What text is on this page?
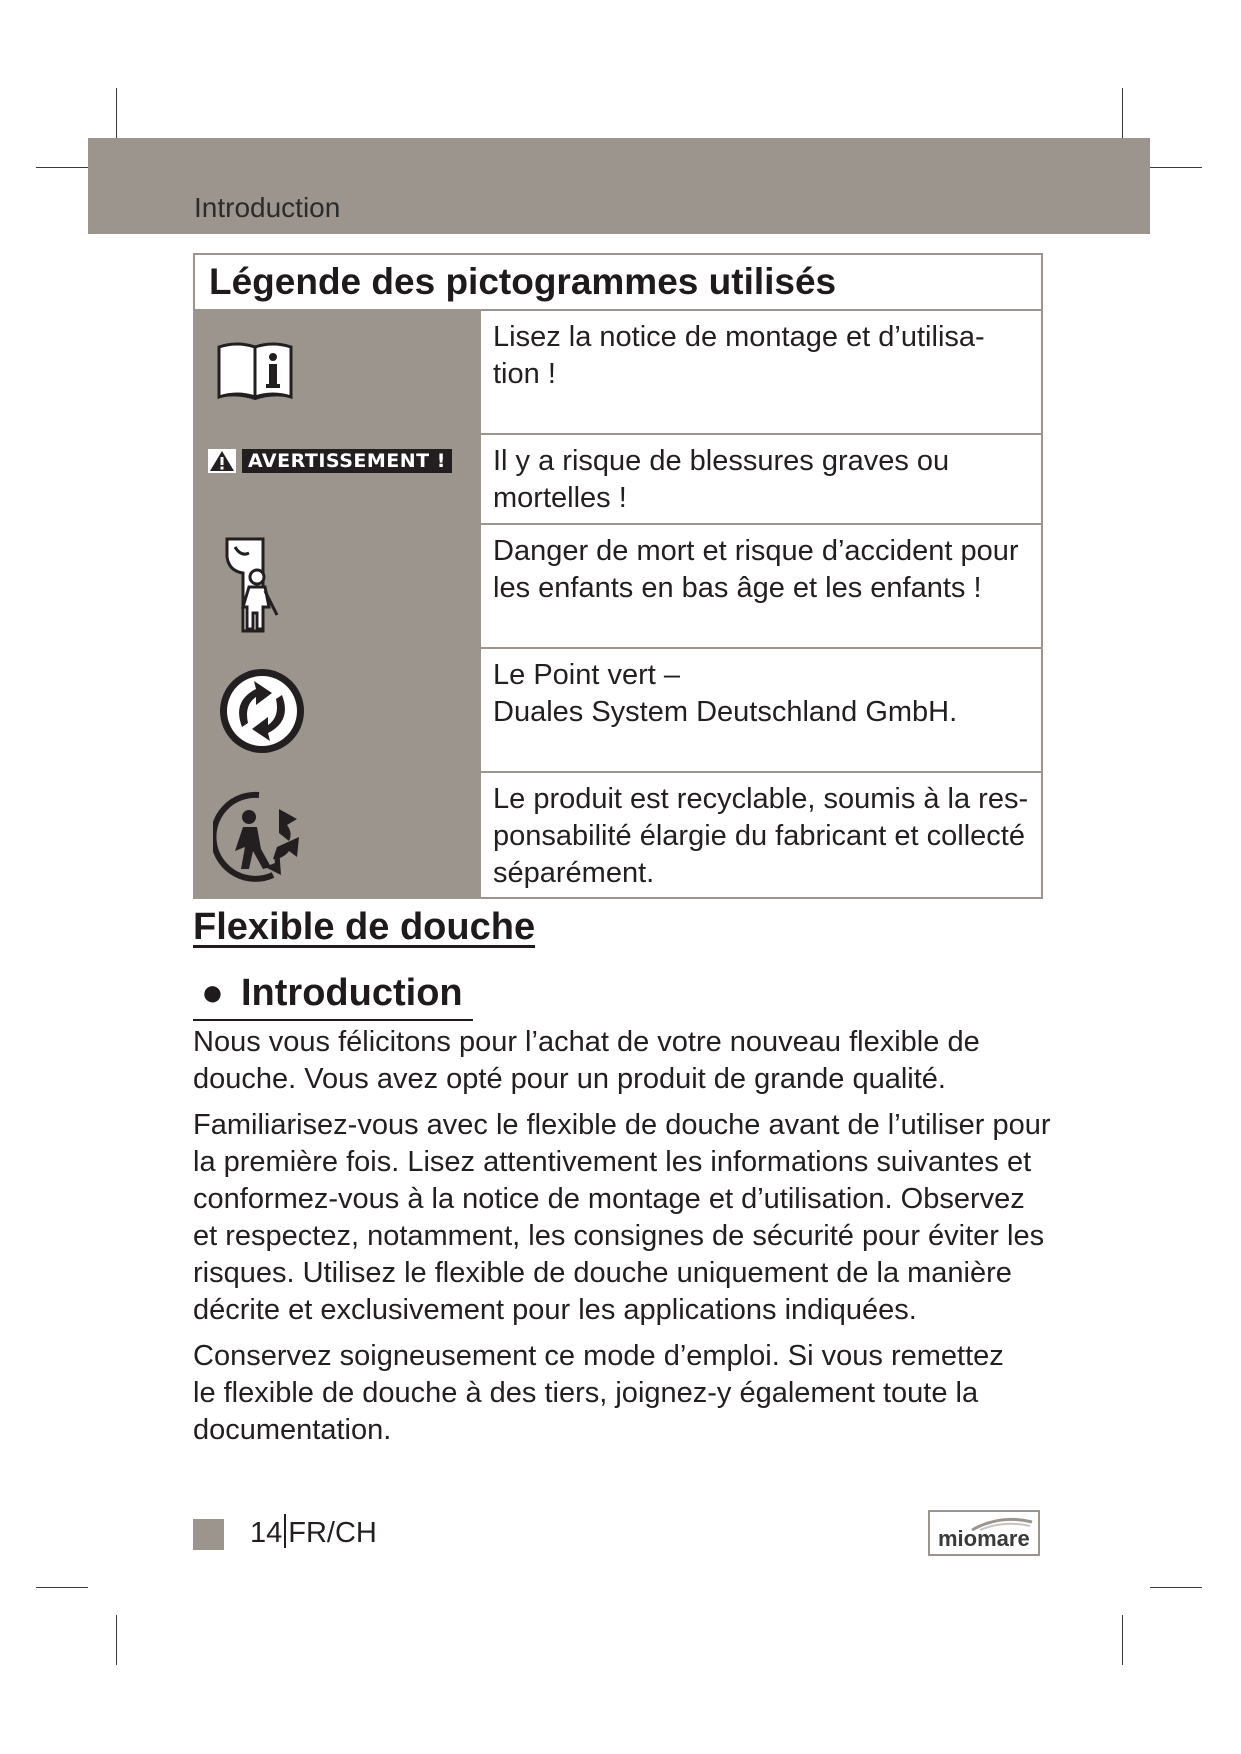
Introduction
Légende des pictogrammes utilisés
Lisez la notice de montage et d’utilisa-
tion !
AVERTISSEMENT !	Il y a risque de blessures graves ou
mortelles !
Danger de mort et risque d’accident pour
les enfants en bas âge et les enfants !
Le Point vert –
Duales System Deutschland GmbH.
Le produit est recyclable, soumis à la res-
ponsabilité élargie du fabricant et collecté
séparément.
Flexible de douche
● Introduction

Nous vous félicitons pour l’achat de votre nouveau flexible de
douche. Vous avez opté pour un produit de grande qualité.

Familiarisez-vous avec le flexible de douche avant de l’utiliser pour
la première fois. Lisez attentivement les informations suivantes et
conformez-vous à la notice de montage et d’utilisation. Observez
et respectez, notamment, les consignes de sécurité pour éviter les
risques. Utilisez le flexible de douche uniquement de la manière
décrite et exclusivement pour les applications indiquées.

Conservez soigneusement ce mode d’emploi. Si vous remettez
le flexible de douche à des tiers, joignez-y également toute la
documentation.

14 FR/CH	miomare
